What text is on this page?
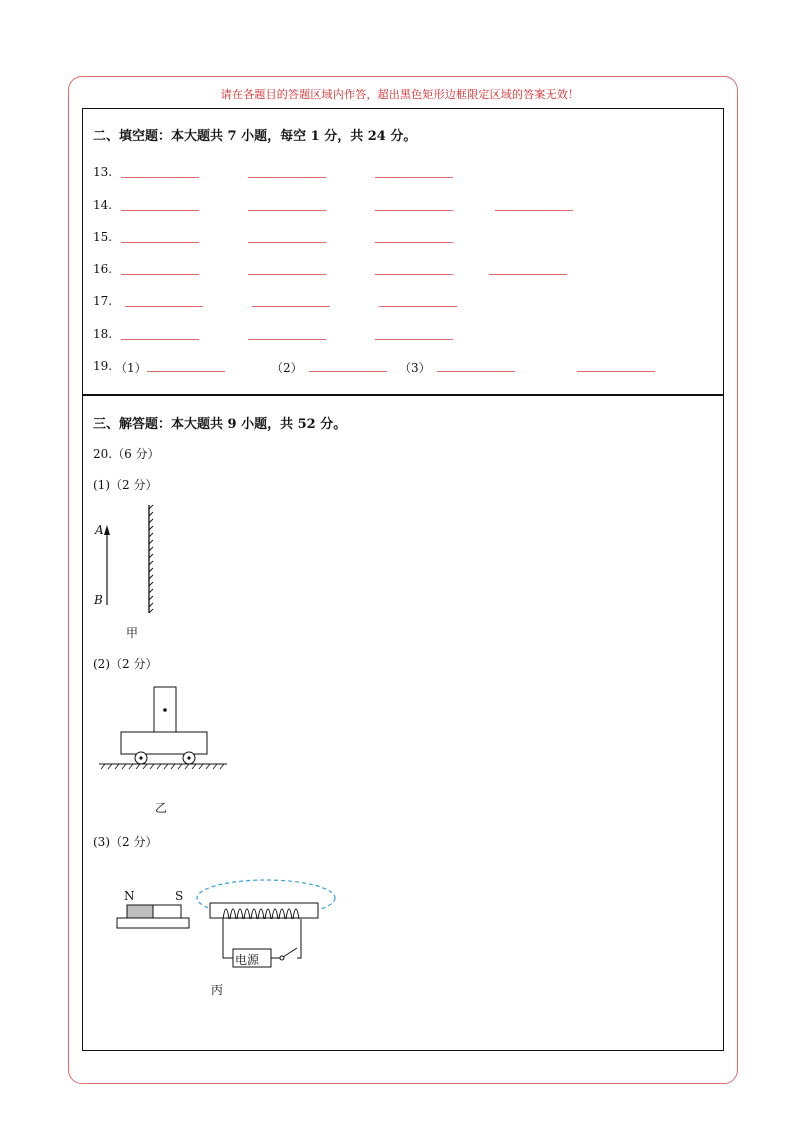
请在各题目的答题区域内作答，超出黑色矩形边框限定区域的答案无效！
二、填空题：本大题共 7 小题，每空 1 分，共 24 分。
13.
14.
15.
16.
17.
18.
19. （1）	（2）	（3）
三、解答题：本大题共 9 小题，共 52 分。
20.（6 分）
(1)（2 分）
A
B
甲
(2)（2 分）
乙
(3)（2 分）
N	S
电源
丙
